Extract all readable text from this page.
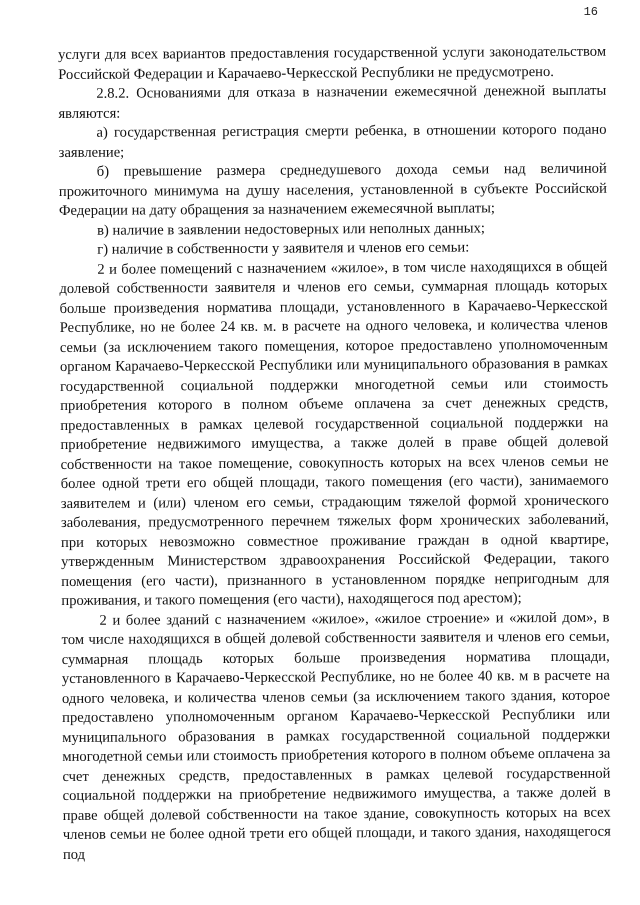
16

услуги для всех вариантов предоставления государственной услуги законодательством Российской Федерации и Карачаево-Черкесской Республики не предусмотрено.

2.8.2. Основаниями для отказа в назначении ежемесячной денежной выплаты являются:

а) государственная регистрация смерти ребенка, в отношении которого подано заявление;

б) превышение размера среднедушевого дохода семьи над величиной прожиточного минимума на душу населения, установленной в субъекте Российской Федерации на дату обращения за назначением ежемесячной выплаты;

в) наличие в заявлении недостоверных или неполных данных;

г) наличие в собственности у заявителя и членов его семьи:

2 и более помещений с назначением «жилое», в том числе находящихся в общей долевой собственности заявителя и членов его семьи, суммарная площадь которых больше произведения норматива площади, установленного в Карачаево-Черкесской Республике, но не более 24 кв. м. в расчете на одного человека, и количества членов семьи (за исключением такого помещения, которое предоставлено уполномоченным органом Карачаево-Черкесской Республики или муниципального образования в рамках государственной социальной поддержки многодетной семьи или стоимость приобретения которого в полном объеме оплачена за счет денежных средств, предоставленных в рамках целевой государственной социальной поддержки на приобретение недвижимого имущества, а также долей в праве общей долевой собственности на такое помещение, совокупность которых на всех членов семьи не более одной трети его общей площади, такого помещения (его части), занимаемого заявителем и (или) членом его семьи, страдающим тяжелой формой хронического заболевания, предусмотренного перечнем тяжелых форм хронических заболеваний, при которых невозможно совместное проживание граждан в одной квартире, утвержденным Министерством здравоохранения Российской Федерации, такого помещения (его части), признанного в установленном порядке непригодным для проживания, и такого помещения (его части), находящегося под арестом);

2 и более зданий с назначением «жилое», «жилое строение» и «жилой дом», в том числе находящихся в общей долевой собственности заявителя и членов его семьи, суммарная площадь которых больше произведения норматива площади, установленного в Карачаево-Черкесской Республике, но не более 40 кв. м в расчете на одного человека, и количества членов семьи (за исключением такого здания, которое предоставлено уполномоченным органом Карачаево-Черкесской Республики или муниципального образования в рамках государственной социальной поддержки многодетной семьи или стоимость приобретения которого в полном объеме оплачена за счет денежных средств, предоставленных в рамках целевой государственной социальной поддержки на приобретение недвижимого имущества, а также долей в праве общей долевой собственности на такое здание, совокупность которых на всех членов семьи не более одной трети его общей площади, и такого здания, находящегося под
